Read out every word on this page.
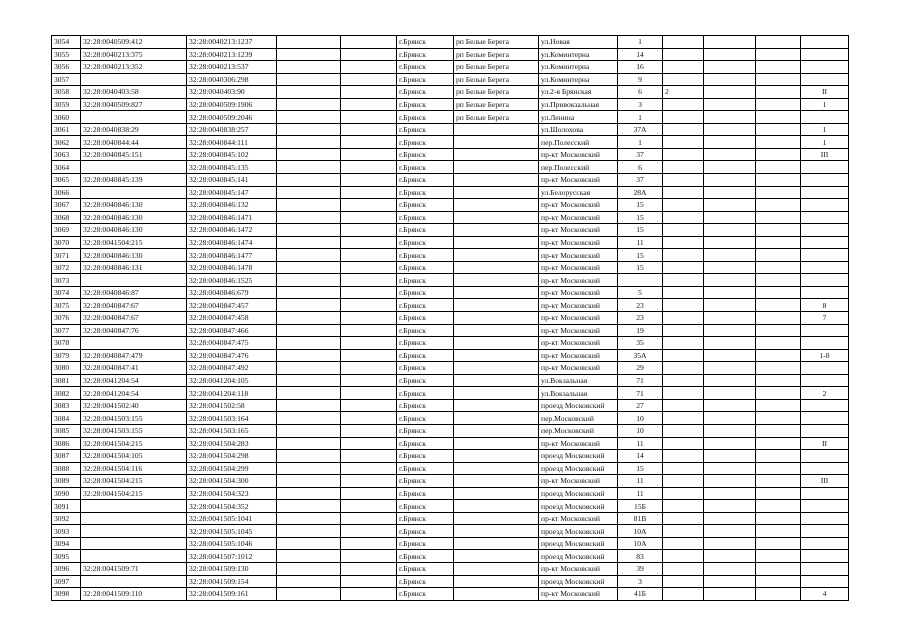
3054	32:28:0040509:412	32:28:0040213:1237			г.Брянск	рп Белые Берега	ул.Новая	1				
3055	32:28:0040213:375	32:28:0040213:1239			г.Брянск	рп Белые Берега	ул.Коминтерна	14				
3056	32:28:0040213:352	32:28:0040213:537			г.Брянск	рп Белые Берега	ул.Коминтерна	16				
3057		32:28:0040306:298			г.Брянск	рп Белые Берега	ул.Коминтерна	9				
3058	32:28:0040403:58	32:28:0040403:90			г.Брянск	рп Белые Берега	ул.2-я Брянская	6	2			II
3059	32:28:0040509:827	32:28:0040509:1906			г.Брянск	рп Белые Берега	ул.Привокзальная	3				1
3060		32:28:0040509:2046			г.Брянск	рп Белые Берега	ул.Ленина	1				
3061	32:28:0040838:29	32:28:0040838:257			г.Брянск		ул.Шолохова	37А				1
3062	32:28:0040844:44	32:28:0040844:111			г.Брянск		пер.Полесский	1				1
3063	32:28:0040845:151	32:28:0040845:102			г.Брянск		пр-кт Московский	37				III
3064		32:28:0040845:135			г.Брянск		пер.Полесский	6				
3065	32:28:0040845:139	32:28:0040845:141			г.Брянск		пр-кт Московский	37				
3066		32:28:0040845:147			г.Брянск		ул.Белорусская	28А				
3067	32:28:0040846:130	32:28:0040846:132			г.Брянск		пр-кт Московский	15				
3068	32:28:0040846:130	32:28:0040846:1471			г.Брянск		пр-кт Московский	15				
3069	32:28:0040846:130	32:28:0040846:1472			г.Брянск		пр-кт Московский	15				
3070	32:28:0041504:215	32:28:0040846:1474			г.Брянск		пр-кт Московский	11				
3071	32:28:0040846:130	32:28:0040846:1477			г.Брянск		пр-кт Московский	15				
3072	32:28:0040846:131	32:28:0040846:1478			г.Брянск		пр-кт Московский	15				
3073		32:28:0040846:1525			г.Брянск		пр-кт Московский					
3074	32:28:0040846:87	32:28:0040846:679			г.Брянск		пр-кт Московский	5				
3075	32:28:0040847:67	32:28:0040847:457			г.Брянск		пр-кт Московский	23				8
3076	32:28:0040847:67	32:28:0040847:458			г.Брянск		пр-кт Московский	23				7
3077	32:28:0040847:76	32:28:0040847:466			г.Брянск		пр-кт Московский	19				
3078		32:28:0040847:475			г.Брянск		пр-кт Московский	35				
3079	32:28:0040847:479	32:28:0040847:476			г.Брянск		пр-кт Московский	35А				1-8
3080	32:28:0040847:41	32:28:0040847:492			г.Брянск		пр-кт Московский	29				
3081	32:28:0041204:54	32:28:0041204:105			г.Брянск		ул.Вокзальная	71				
3082	32:28:0041204:54	32:28:0041204:118			г.Брянск		ул.Вокзальная	71				2
3083	32:28:0041502:40	32:28:0041502:58			г.Брянск		проезд Московский	27				
3084	32:28:0041503:155	32:28:0041503:164			г.Брянск		пер.Московский	10				
3085	32:28:0041503:155	32:28:0041503:165			г.Брянск		пер.Московский	10				
3086	32:28:0041504:215	32:28:0041504:283			г.Брянск		пр-кт Московский	11				II
3087	32:28:0041504:105	32:28:0041504:298			г.Брянск		проезд Московский	14				
3088	32:28:0041504:116	32:28:0041504:299			г.Брянск		проезд Московский	15				
3089	32:28:0041504:215	32:28:0041504:300			г.Брянск		пр-кт Московский	11				III
3090	32:28:0041504:215	32:28:0041504:323			г.Брянск		проезд Московский	11				
3091		32:28:0041504:352			г.Брянск		проезд Московский	15Б				
3092		32:28:0041505:1041			г.Брянск		пр-кт Московский	81В				
3093		32:28:0041505:1045			г.Брянск		проезд Московский	10А				
3094		32:28:0041505:1046			г.Брянск		проезд Московский	10А				
3095		32:28:0041507:1012			г.Брянск		проезд Московский	83				
3096	32:28:0041509:71	32:28:0041509:130			г.Брянск		пр-кт Московский	39				
3097		32:28:0041509:154			г.Брянск		проезд Московский	3				
3098	32:28:0041509:110	32:28:0041509:161			г.Брянск		пр-кт Московский	41Б				4
